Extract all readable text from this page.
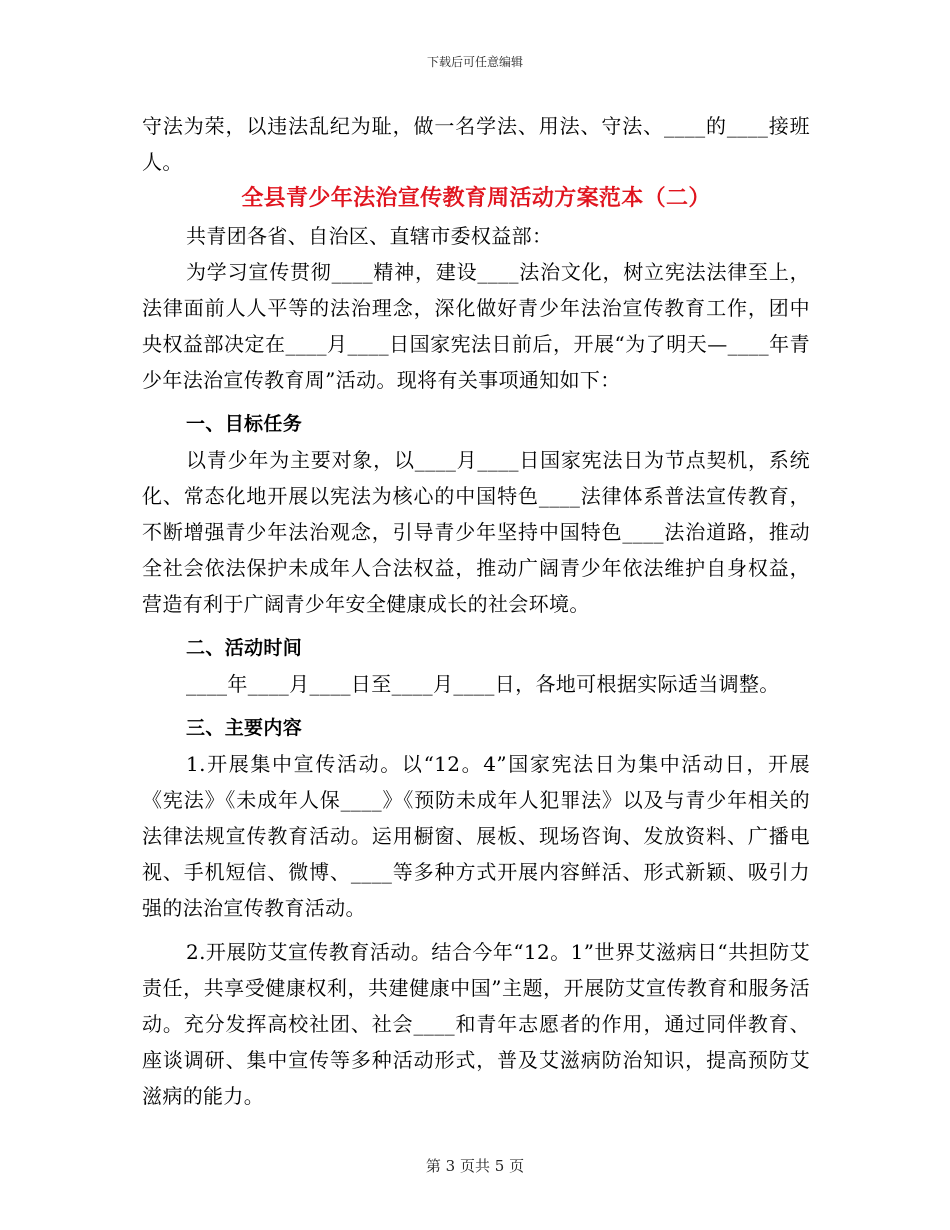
下载后可任意编辑

守法为荣，以违法乱纪为耻，做一名学法、用法、守法、____的____接班人。

全县青少年法治宣传教育周活动方案范本（二）

共青团各省、自治区、直辖市委权益部：

为学习宣传贯彻____精神，建设____法治文化，树立宪法法律至上，法律面前人人平等的法治理念，深化做好青少年法治宣传教育工作，团中央权益部决定在____月____日国家宪法日前后，开展“为了明天—____年青少年法治宣传教育周”活动。现将有关事项通知如下：

一、目标任务

以青少年为主要对象，以____月____日国家宪法日为节点契机，系统化、常态化地开展以宪法为核心的中国特色____法律体系普法宣传教育，不断增强青少年法治观念，引导青少年坚持中国特色____法治道路，推动全社会依法保护未成年人合法权益，推动广阔青少年依法维护自身权益，营造有利于广阔青少年安全健康成长的社会环境。

二、活动时间

____年____月____日至____月____日，各地可根据实际适当调整。

三、主要内容

1.开展集中宣传活动。以“12。4”国家宪法日为集中活动日，开展《宪法》《未成年人保____》《预防未成年人犯罪法》以及与青少年相关的法律法规宣传教育活动。运用橱窗、展板、现场咨询、发放资料、广播电视、手机短信、微博、____等多种方式开展内容鲜活、形式新颖、吸引力强的法治宣传教育活动。

2.开展防艾宣传教育活动。结合今年“12。1”世界艾滋病日“共担防艾责任，共享受健康权利，共建健康中国”主题，开展防艾宣传教育和服务活动。充分发挥高校社团、社会____和青年志愿者的作用，通过同伴教育、座谈调研、集中宣传等多种活动形式，普及艾滋病防治知识，提高预防艾滋病的能力。

第 3 页共 5 页
